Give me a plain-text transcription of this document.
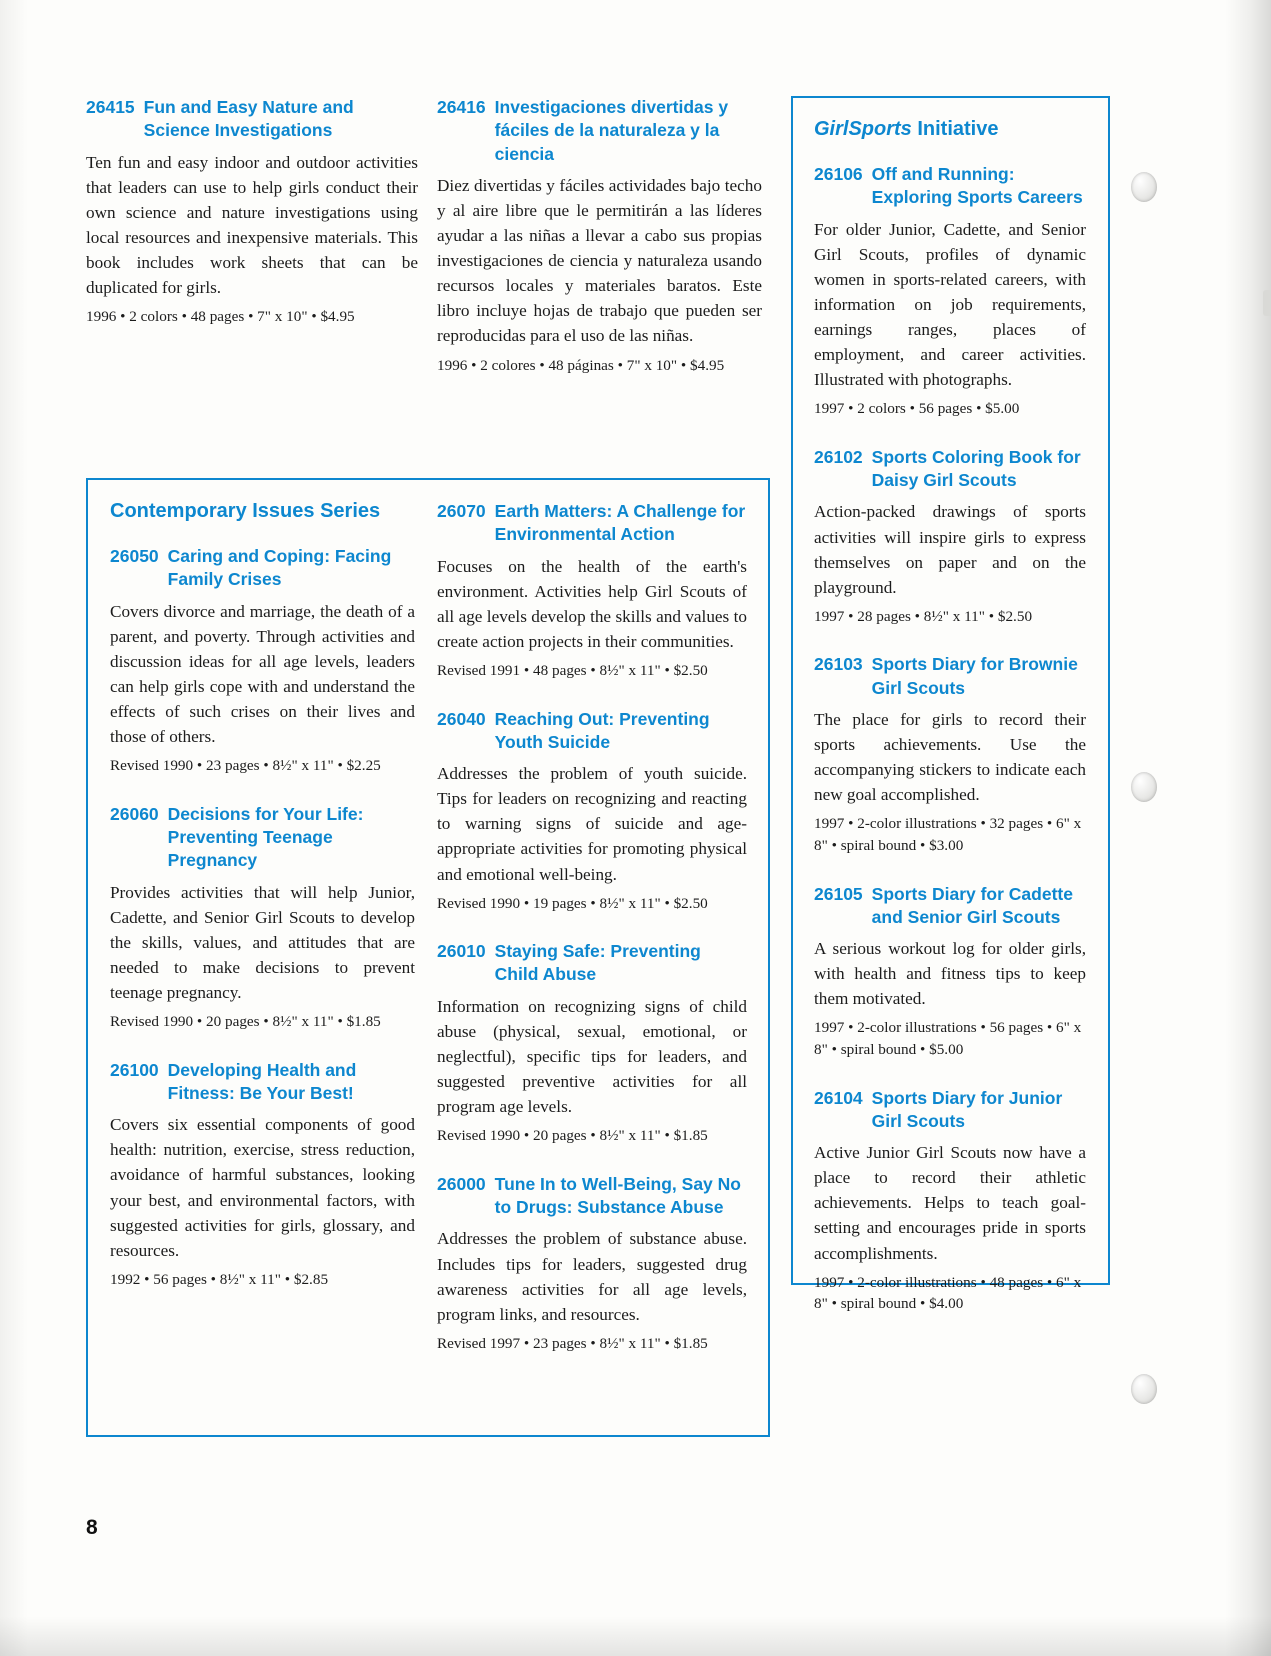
26415 Fun and Easy Nature and Science Investigations
Ten fun and easy indoor and outdoor activities that leaders can use to help girls conduct their own science and nature investigations using local resources and inexpensive materials. This book includes work sheets that can be duplicated for girls.
1996 • 2 colors • 48 pages • 7" x 10" • $4.95
26416 Investigaciones divertidas y fáciles de la naturaleza y la ciencia
Diez divertidas y fáciles actividades bajo techo y al aire libre que le permitirán a las líderes ayudar a las niñas a llevar a cabo sus propias investigaciones de ciencia y naturaleza usando recursos locales y materiales baratos. Este libro incluye hojas de trabajo que pueden ser reproducidas para el uso de las niñas.
1996 • 2 colores • 48 páginas • 7" x 10" • $4.95
Contemporary Issues Series
26050 Caring and Coping: Facing Family Crises
Covers divorce and marriage, the death of a parent, and poverty. Through activities and discussion ideas for all age levels, leaders can help girls cope with and understand the effects of such crises on their lives and those of others.
Revised 1990 • 23 pages • 8½" x 11" • $2.25
26060 Decisions for Your Life: Preventing Teenage Pregnancy
Provides activities that will help Junior, Cadette, and Senior Girl Scouts to develop the skills, values, and attitudes that are needed to make decisions to prevent teenage pregnancy.
Revised 1990 • 20 pages • 8½" x 11" • $1.85
26100 Developing Health and Fitness: Be Your Best!
Covers six essential components of good health: nutrition, exercise, stress reduction, avoidance of harmful substances, looking your best, and environmental factors, with suggested activities for girls, glossary, and resources.
1992 • 56 pages • 8½" x 11" • $2.85
26070 Earth Matters: A Challenge for Environmental Action
Focuses on the health of the earth's environment. Activities help Girl Scouts of all age levels develop the skills and values to create action projects in their communities.
Revised 1991 • 48 pages • 8½" x 11" • $2.50
26040 Reaching Out: Preventing Youth Suicide
Addresses the problem of youth suicide. Tips for leaders on recognizing and reacting to warning signs of suicide and age-appropriate activities for promoting physical and emotional well-being.
Revised 1990 • 19 pages • 8½" x 11" • $2.50
26010 Staying Safe: Preventing Child Abuse
Information on recognizing signs of child abuse (physical, sexual, emotional, or neglectful), specific tips for leaders, and suggested preventive activities for all program age levels.
Revised 1990 • 20 pages • 8½" x 11" • $1.85
26000 Tune In to Well-Being, Say No to Drugs: Substance Abuse
Addresses the problem of substance abuse. Includes tips for leaders, suggested drug awareness activities for all age levels, program links, and resources.
Revised 1997 • 23 pages • 8½" x 11" • $1.85
GirlSports Initiative
26106 Off and Running: Exploring Sports Careers
For older Junior, Cadette, and Senior Girl Scouts, profiles of dynamic women in sports-related careers, with information on job requirements, earnings ranges, places of employment, and career activities. Illustrated with photographs.
1997 • 2 colors • 56 pages • $5.00
26102 Sports Coloring Book for Daisy Girl Scouts
Action-packed drawings of sports activities will inspire girls to express themselves on paper and on the playground.
1997 • 28 pages • 8½" x 11" • $2.50
26103 Sports Diary for Brownie Girl Scouts
The place for girls to record their sports achievements. Use the accompanying stickers to indicate each new goal accomplished.
1997 • 2-color illustrations • 32 pages • 6" x 8" • spiral bound • $3.00
26105 Sports Diary for Cadette and Senior Girl Scouts
A serious workout log for older girls, with health and fitness tips to keep them motivated.
1997 • 2-color illustrations • 56 pages • 6" x 8" • spiral bound • $5.00
26104 Sports Diary for Junior Girl Scouts
Active Junior Girl Scouts now have a place to record their athletic achievements. Helps to teach goal-setting and encourages pride in sports accomplishments.
1997 • 2-color illustrations • 48 pages • 6" x 8" • spiral bound • $4.00
8
